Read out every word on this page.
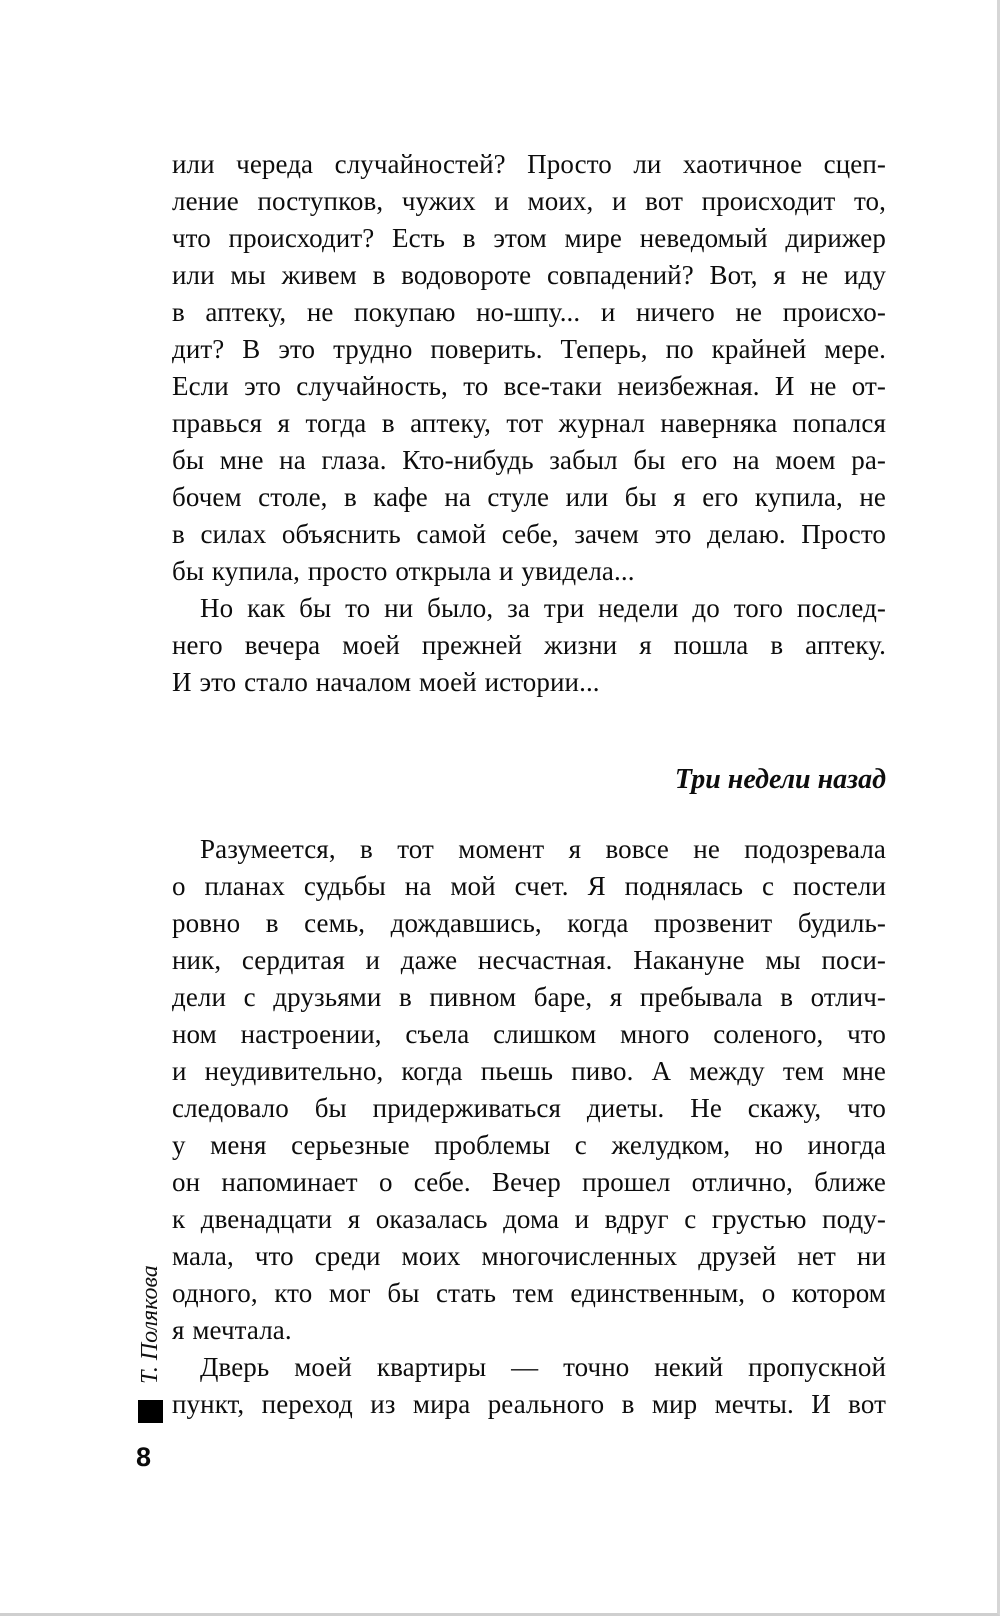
или череда случайностей? Просто ли хаотичное сцеп-
ление поступков, чужих и моих, и вот происходит то,
что происходит? Есть в этом мире неведомый дирижер
или мы живем в водовороте совпадений? Вот, я не иду
в аптеку, не покупаю но-шпу... и ничего не происхо-
дит? В это трудно поверить. Теперь, по крайней мере.
Если это случайность, то все-таки неизбежная. И не от-
правься я тогда в аптеку, тот журнал наверняка попался
бы мне на глаза. Кто-нибудь забыл бы его на моем ра-
бочем столе, в кафе на стуле или бы я его купила, не
в силах объяснить самой себе, зачем это делаю. Просто
бы купила, просто открыла и увидела...
Но как бы то ни было, за три недели до того послед-
него вечера моей прежней жизни я пошла в аптеку.
И это стало началом моей истории...
Три недели назад
Разумеется, в тот момент я вовсе не подозревала
о планах судьбы на мой счет. Я поднялась с постели
ровно в семь, дождавшись, когда прозвенит будиль-
ник, сердитая и даже несчастная. Накануне мы поси-
дели с друзьями в пивном баре, я пребывала в отлич-
ном настроении, съела слишком много соленого, что
и неудивительно, когда пьешь пиво. А между тем мне
следовало бы придерживаться диеты. Не скажу, что
у меня серьезные проблемы с желудком, но иногда
он напоминает о себе. Вечер прошел отлично, ближе
к двенадцати я оказалась дома и вдруг с грустью поду-
мала, что среди моих многочисленных друзей нет ни
одного, кто мог бы стать тем единственным, о котором
я мечтала.
Дверь моей квартиры — точно некий пропускной
пункт, переход из мира реального в мир мечты. И вот
Т. Полякова
8
